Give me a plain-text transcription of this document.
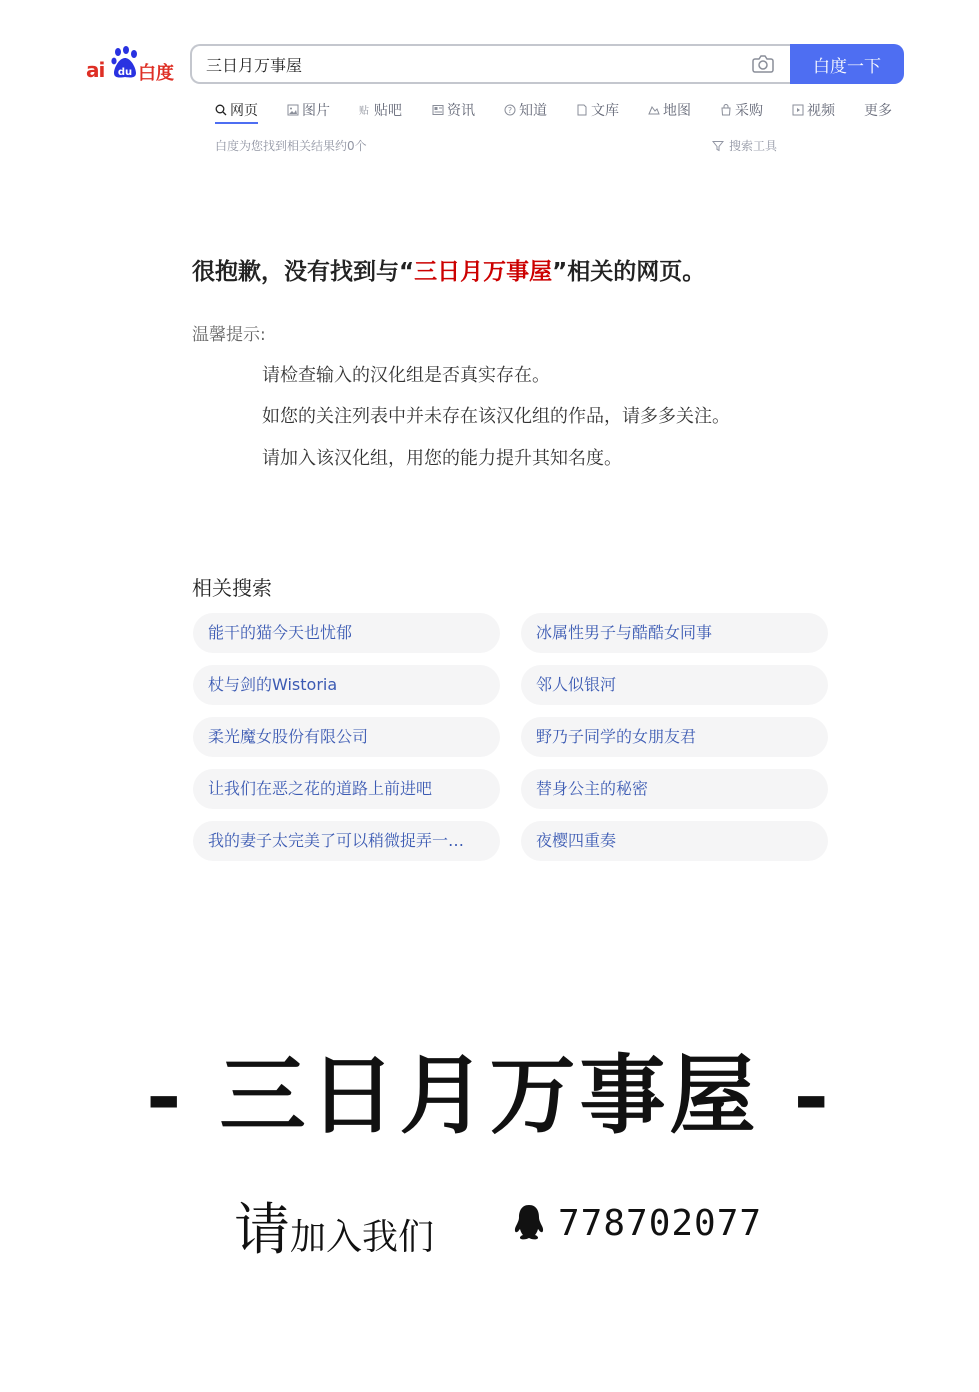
ai du 白度
三日月万事屋	白度一下
网页	图片	贴 贴吧	资讯	? 知道	文库	地图	采购	视频 更多
白度为您找到相关结果约0个	搜索工具
很抱歉，没有找到与“三日月万事屋”相关的网页。
温馨提示:
请检查输入的汉化组是否真实存在。
如您的关注列表中并未存在该汉化组的作品，请多多关注。
请加入该汉化组，用您的能力提升其知名度。
相关搜索
能干的猫今天也忧郁	冰属性男子与酷酷女同事
杖与剑的Wistoria	邻人似银河
柔光魔女股份有限公司	野乃子同学的女朋友君
让我们在恶之花的道路上前进吧	替身公主的秘密
我的妻子太完美了可以稍微捉弄一…	夜樱四重奏
- 三日月万事屋 -
请加入我们	778702077
